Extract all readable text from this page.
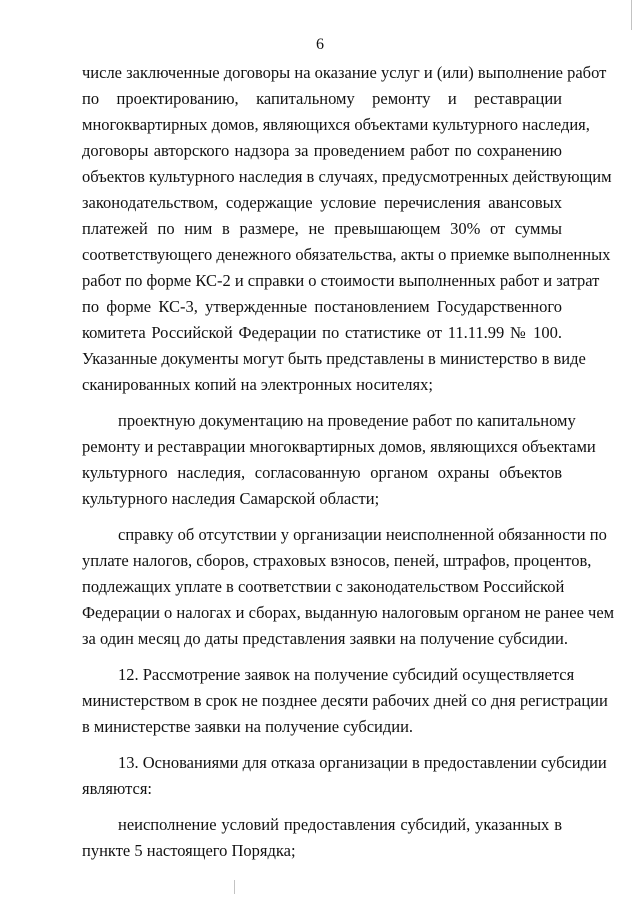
6
числе заключенные договоры на оказание услуг и (или) выполнение работ
по проектированию, капитальному ремонту и реставрации
многоквартирных домов, являющихся объектами культурного наследия,
договоры авторского надзора за проведением работ по сохранению
объектов культурного наследия в случаях, предусмотренных действующим
законодательством, содержащие условие перечисления авансовых
платежей по ним в размере, не превышающем 30% от суммы
соответствующего денежного обязательства, акты о приемке выполненных
работ по форме КС-2 и справки о стоимости выполненных работ и затрат
по форме КС-3, утвержденные постановлением Государственного
комитета Российской Федерации по статистике от 11.11.99 № 100.
Указанные документы могут быть представлены в министерство в виде
сканированных копий на электронных носителях;
проектную документацию на проведение работ по капитальному
ремонту и реставрации многоквартирных домов, являющихся объектами
культурного наследия, согласованную органом охраны объектов
культурного наследия Самарской области;
справку об отсутствии у организации неисполненной обязанности по
уплате налогов, сборов, страховых взносов, пеней, штрафов, процентов,
подлежащих уплате в соответствии с законодательством Российской
Федерации о налогах и сборах, выданную налоговым органом не ранее чем
за один месяц до даты представления заявки на получение субсидии.
12. Рассмотрение заявок на получение субсидий осуществляется
министерством в срок не позднее десяти рабочих дней со дня регистрации
в министерстве заявки на получение субсидии.
13. Основаниями для отказа организации в предоставлении субсидии
являются:
неисполнение условий предоставления субсидий, указанных в
пункте 5 настоящего Порядка;
